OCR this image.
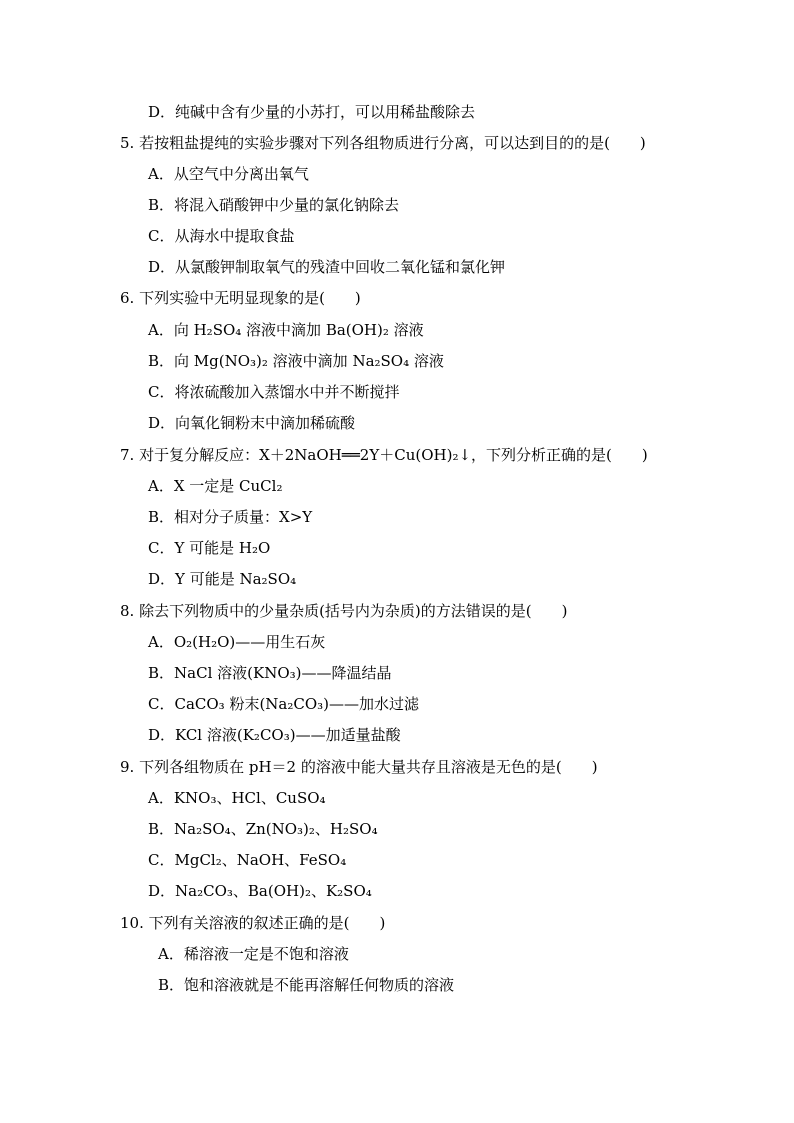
D．纯碱中含有少量的小苏打，可以用稀盐酸除去
5. 若按粗盐提纯的实验步骤对下列各组物质进行分离，可以达到目的的是(　　)
A．从空气中分离出氧气
B．将混入硝酸钾中少量的氯化钠除去
C．从海水中提取食盐
D．从氯酸钾制取氧气的残渣中回收二氧化锰和氯化钾
6. 下列实验中无明显现象的是(　　)
A．向 H₂SO₄ 溶液中滴加 Ba(OH)₂ 溶液
B．向 Mg(NO₃)₂ 溶液中滴加 Na₂SO₄ 溶液
C．将浓硫酸加入蒸馏水中并不断搅拌
D．向氧化铜粉末中滴加稀硫酸
7. 对于复分解反应：X＋2NaOH══2Y＋Cu(OH)₂↓，下列分析正确的是(　　)
A．X 一定是 CuCl₂
B．相对分子质量：X>Y
C．Y 可能是 H₂O
D．Y 可能是 Na₂SO₄
8. 除去下列物质中的少量杂质(括号内为杂质)的方法错误的是(　　)
A．O₂(H₂O)——用生石灰
B．NaCl 溶液(KNO₃)——降温结晶
C．CaCO₃ 粉末(Na₂CO₃)——加水过滤
D．KCl 溶液(K₂CO₃)——加适量盐酸
9. 下列各组物质在 pH＝2 的溶液中能大量共存且溶液是无色的是(　　)
A．KNO₃、HCl、CuSO₄
B．Na₂SO₄、Zn(NO₃)₂、H₂SO₄
C．MgCl₂、NaOH、FeSO₄
D．Na₂CO₃、Ba(OH)₂、K₂SO₄
10. 下列有关溶液的叙述正确的是(　　)
A．稀溶液一定是不饱和溶液
B．饱和溶液就是不能再溶解任何物质的溶液
